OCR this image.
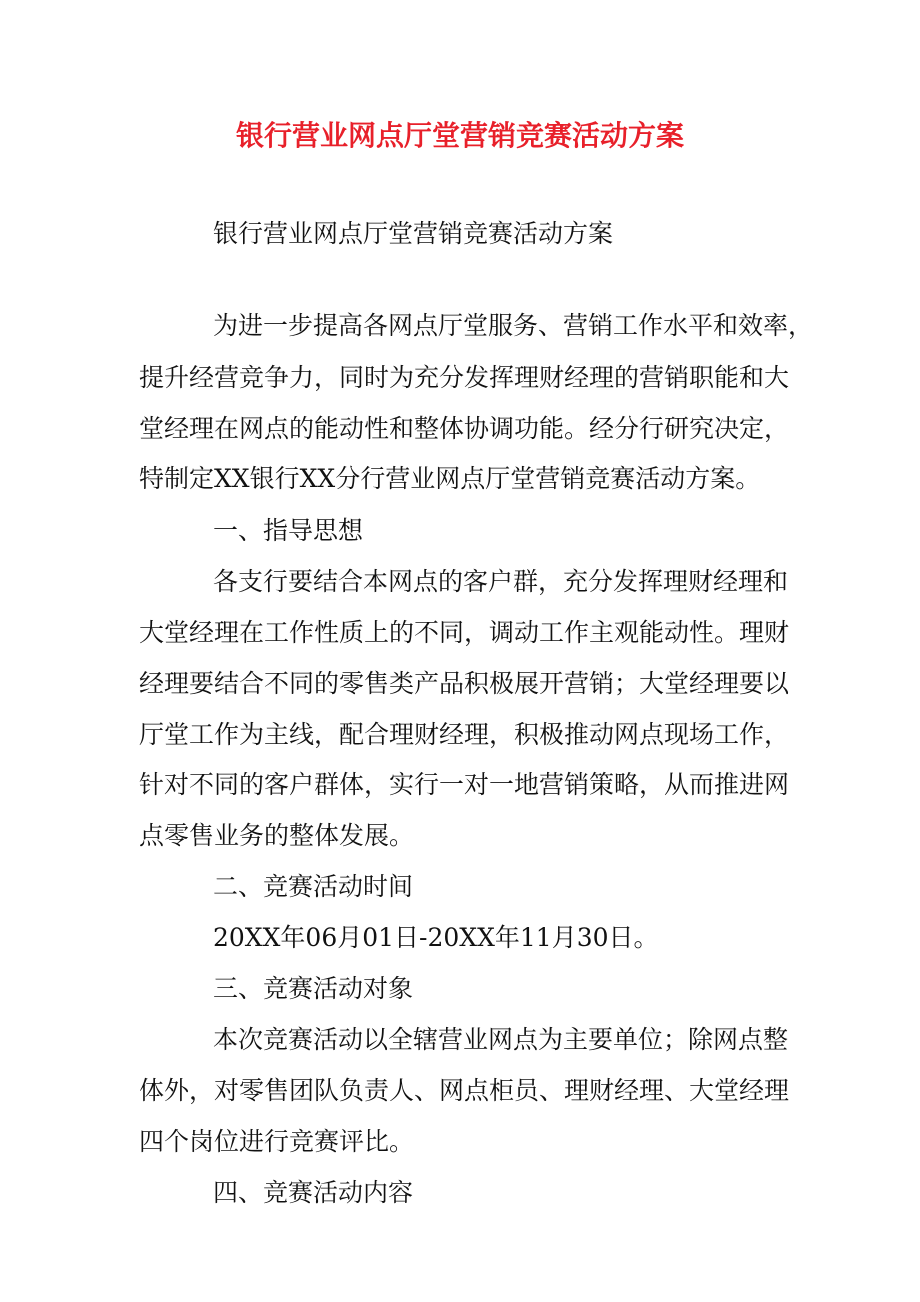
银行营业网点厅堂营销竞赛活动方案
银行营业网点厅堂营销竞赛活动方案
为进一步提高各网点厅堂服务、营销工作水平和效率，
提升经营竞争力，同时为充分发挥理财经理的营销职能和大
堂经理在网点的能动性和整体协调功能。经分行研究决定，
特制定XX银行XX分行营业网点厅堂营销竞赛活动方案。
一、指导思想
各支行要结合本网点的客户群，充分发挥理财经理和
大堂经理在工作性质上的不同，调动工作主观能动性。理财
经理要结合不同的零售类产品积极展开营销；大堂经理要以
厅堂工作为主线，配合理财经理，积极推动网点现场工作，
针对不同的客户群体，实行一对一地营销策略，从而推进网
点零售业务的整体发展。
二、竞赛活动时间
20XX年06月01日-20XX年11月30日。
三、竞赛活动对象
本次竞赛活动以全辖营业网点为主要单位；除网点整
体外，对零售团队负责人、网点柜员、理财经理、大堂经理
四个岗位进行竞赛评比。
四、竞赛活动内容
